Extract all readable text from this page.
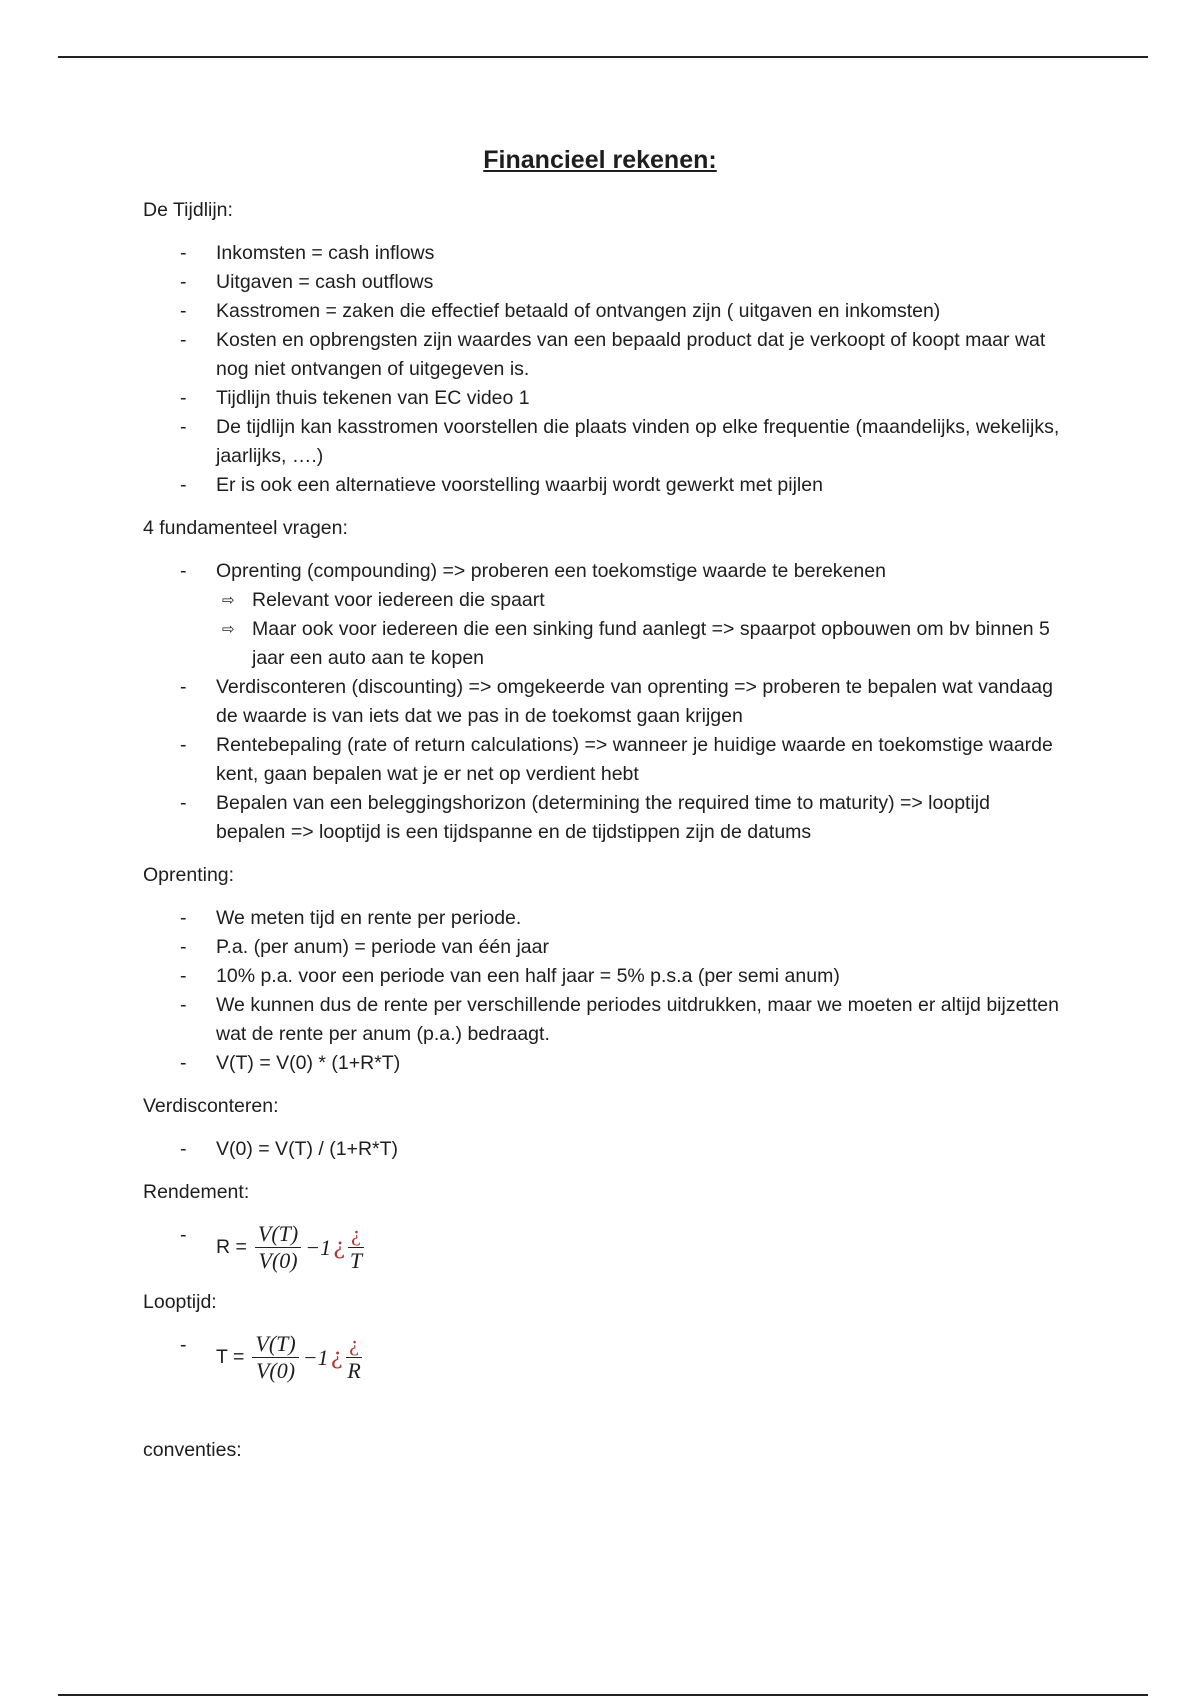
Financieel rekenen:
De Tijdlijn:
- Inkomsten = cash inflows
- Uitgaven = cash outflows
- Kasstromen = zaken die effectief betaald of ontvangen zijn ( uitgaven en inkomsten)
- Kosten en opbrengsten zijn waardes van een bepaald product dat je verkoopt of koopt maar wat nog niet ontvangen of uitgegeven is.
- Tijdlijn thuis tekenen van EC video 1
- De tijdlijn kan kasstromen voorstellen die plaats vinden op elke frequentie (maandelijks, wekelijks, jaarlijks, ….)
- Er is ook een alternatieve voorstelling waarbij wordt gewerkt met pijlen
4 fundamenteel vragen:
- Oprenting (compounding) => proberen een toekomstige waarde te berekenen
⇨ Relevant voor iedereen die spaart
⇨ Maar ook voor iedereen die een sinking fund aanlegt => spaarpot opbouwen om bv binnen 5 jaar een auto aan te kopen
- Verdisconteren (discounting) => omgekeerde van oprenting => proberen te bepalen wat vandaag de waarde is van iets dat we pas in de toekomst gaan krijgen
- Rentebepaling (rate of return calculations) => wanneer je huidige waarde en toekomstige waarde kent, gaan bepalen wat je er net op verdient hebt
- Bepalen van een beleggingshorizon (determining the required time to maturity) => looptijd bepalen => looptijd is een tijdspanne en de tijdstippen zijn de datums
Oprenting:
- We meten tijd en rente per periode.
- P.a. (per anum) = periode van één jaar
- 10% p.a. voor een periode van een half jaar = 5% p.s.a (per semi anum)
- We kunnen dus de rente per verschillende periodes uitdrukken, maar we moeten er altijd bijzetten wat de rente per anum (p.a.) bedraagt.
- V(T) = V(0) * (1+R*T)
Verdisconteren:
- V(0) = V(T) / (1+R*T)
Rendement:
- $R = \frac{V(T)}{V(0)} -1$ ¿ $\frac{¿}{T}$
Looptijd:
- $T = \frac{V(T)}{V(0)} -1$ ¿ $\frac{¿}{R}$
conventies:
